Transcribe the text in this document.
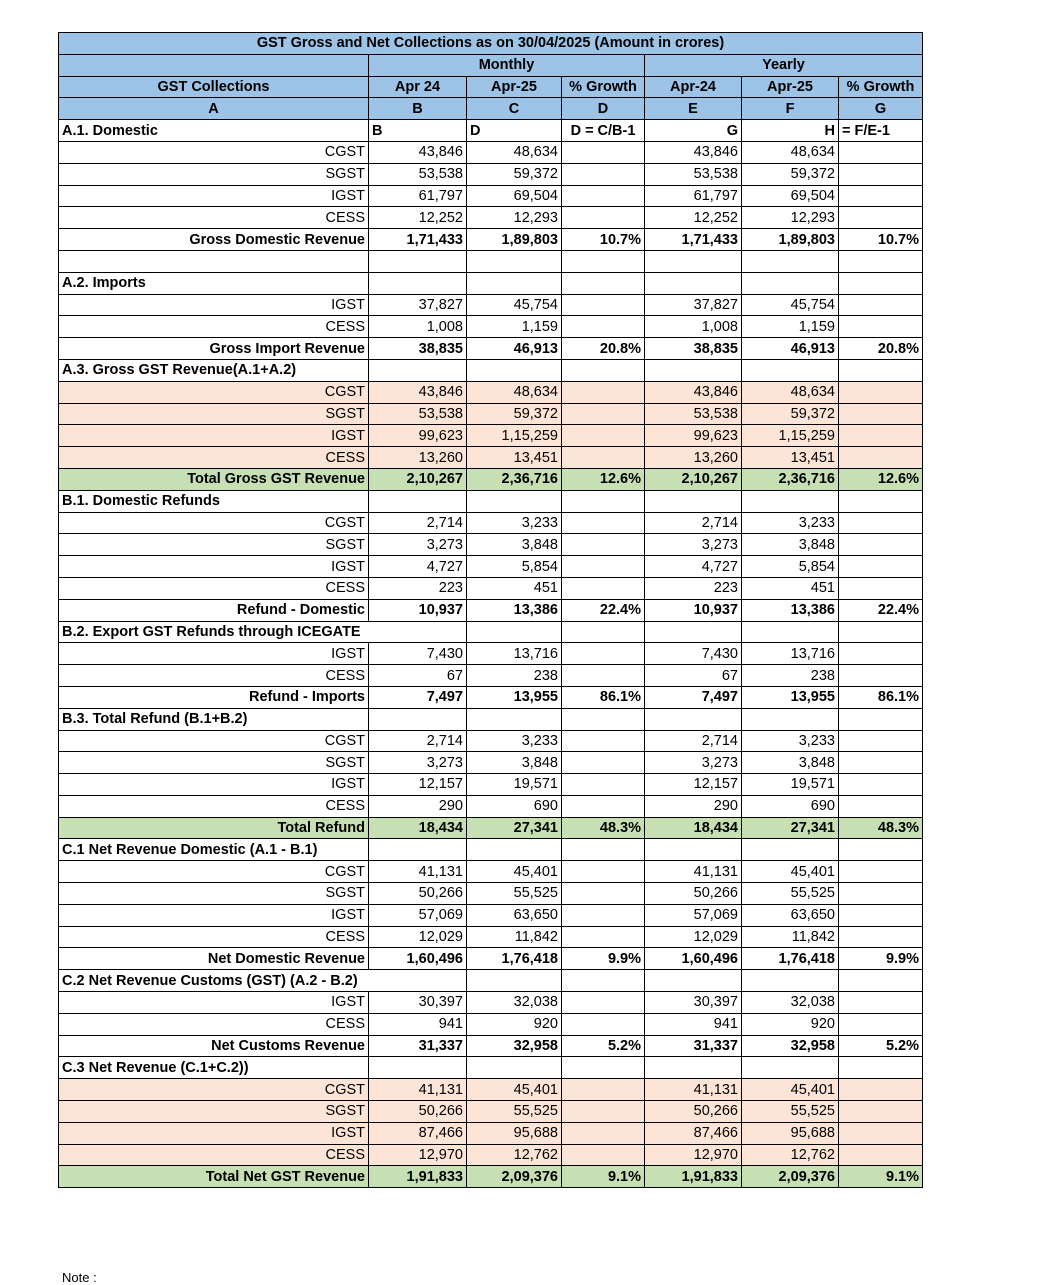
GST Gross and Net Collections as on 30/04/2025 (Amount in crores)						
	Monthly			Yearly		
GST Collections	Apr 24	Apr-25	% Growth	Apr-24	Apr-25	% Growth
A	B	C	D	E	F	G
A.1. Domestic	B	D	D = C/B-1	G	H	= F/E-1
CGST	43,846	48,634		43,846	48,634	
SGST	53,538	59,372		53,538	59,372	
IGST	61,797	69,504		61,797	69,504	
CESS	12,252	12,293		12,252	12,293	
Gross Domestic Revenue	1,71,433	1,89,803	10.7%	1,71,433	1,89,803	10.7%

A.2. Imports						
IGST	37,827	45,754		37,827	45,754	
CESS	1,008	1,159		1,008	1,159	
Gross Import Revenue	38,835	46,913	20.8%	38,835	46,913	20.8%
A.3. Gross GST Revenue(A.1+A.2)						
CGST	43,846	48,634		43,846	48,634	
SGST	53,538	59,372		53,538	59,372	
IGST	99,623	1,15,259		99,623	1,15,259	
CESS	13,260	13,451		13,260	13,451	
Total Gross GST Revenue	2,10,267	2,36,716	12.6%	2,10,267	2,36,716	12.6%
B.1. Domestic Refunds						
CGST	2,714	3,233		2,714	3,233	
SGST	3,273	3,848		3,273	3,848	
IGST	4,727	5,854		4,727	5,854	
CESS	223	451		223	451	
Refund - Domestic	10,937	13,386	22.4%	10,937	13,386	22.4%
B.2. Export GST Refunds through ICEGATE						
IGST	7,430	13,716		7,430	13,716	
CESS	67	238		67	238	
Refund - Imports	7,497	13,955	86.1%	7,497	13,955	86.1%
B.3. Total Refund (B.1+B.2)						
CGST	2,714	3,233		2,714	3,233	
SGST	3,273	3,848		3,273	3,848	
IGST	12,157	19,571		12,157	19,571	
CESS	290	690		290	690	
Total Refund	18,434	27,341	48.3%	18,434	27,341	48.3%
C.1 Net Revenue Domestic (A.1 - B.1)						
CGST	41,131	45,401		41,131	45,401	
SGST	50,266	55,525		50,266	55,525	
IGST	57,069	63,650		57,069	63,650	
CESS	12,029	11,842		12,029	11,842	
Net Domestic Revenue	1,60,496	1,76,418	9.9%	1,60,496	1,76,418	9.9%
C.2 Net Revenue Customs (GST) (A.2 - B.2)						
IGST	30,397	32,038		30,397	32,038	
CESS	941	920		941	920	
Net Customs Revenue	31,337	32,958	5.2%	31,337	32,958	5.2%
C.3 Net Revenue (C.1+C.2))						
CGST	41,131	45,401		41,131	45,401	
SGST	50,266	55,525		50,266	55,525	
IGST	87,466	95,688		87,466	95,688	
CESS	12,970	12,762		12,970	12,762	
Total Net GST Revenue	1,91,833	2,09,376	9.1%	1,91,833	2,09,376	9.1%
Note :
